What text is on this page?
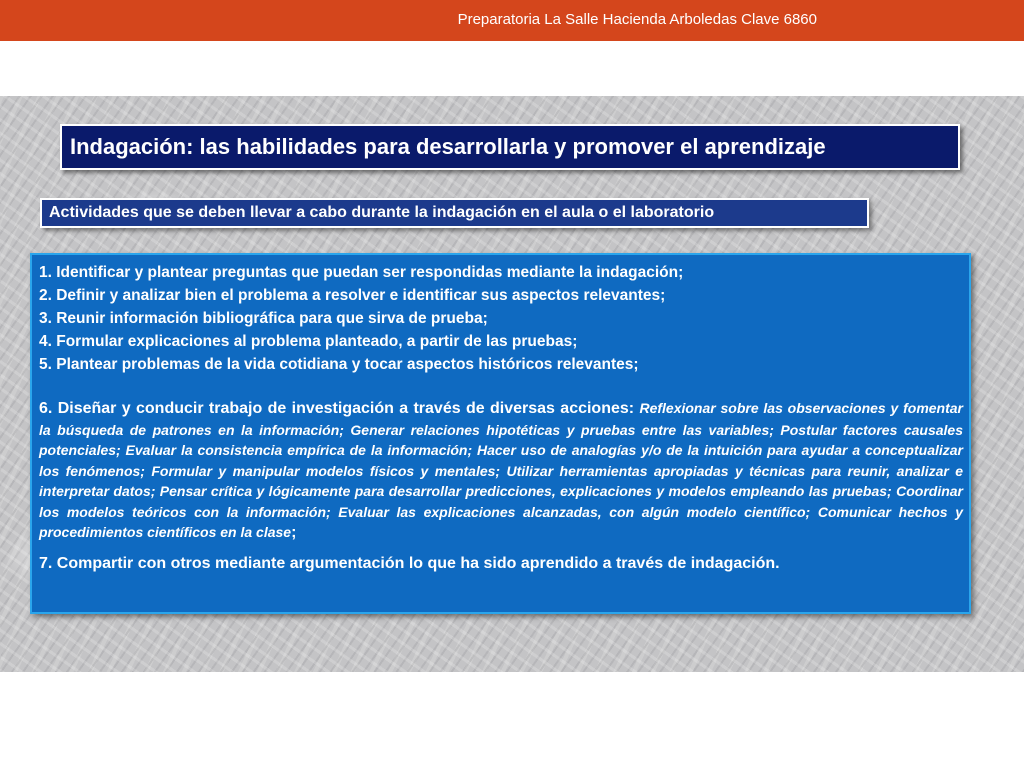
Preparatoria La Salle Hacienda Arboledas Clave 6860
Indagación: las habilidades para desarrollarla y promover el aprendizaje
Actividades que se deben llevar a cabo durante la indagación en el aula o el laboratorio
1. Identificar y plantear preguntas que puedan ser respondidas mediante la indagación;
2. Definir y analizar bien el problema a resolver e identificar sus aspectos relevantes;
3. Reunir información bibliográfica para que sirva de prueba;
4. Formular explicaciones al problema planteado, a partir de las pruebas;
5. Plantear problemas de la vida cotidiana y tocar aspectos históricos relevantes;
6. Diseñar y conducir trabajo de investigación a través de diversas acciones: Reflexionar sobre las observaciones y fomentar la búsqueda de patrones en la información; Generar relaciones hipotéticas y pruebas entre las variables; Postular factores causales potenciales; Evaluar la consistencia empírica de la información; Hacer uso de analogías y/o de la intuición para ayudar a conceptualizar los fenómenos; Formular y manipular modelos físicos y mentales; Utilizar herramientas apropiadas y técnicas para reunir, analizar e interpretar datos; Pensar crítica y lógicamente para desarrollar predicciones, explicaciones y modelos empleando las pruebas; Coordinar los modelos teóricos con la información; Evaluar las explicaciones alcanzadas, con algún modelo científico; Comunicar hechos y procedimientos científicos en la clase;
7. Compartir con otros mediante argumentación lo que ha sido aprendido a través de indagación.
